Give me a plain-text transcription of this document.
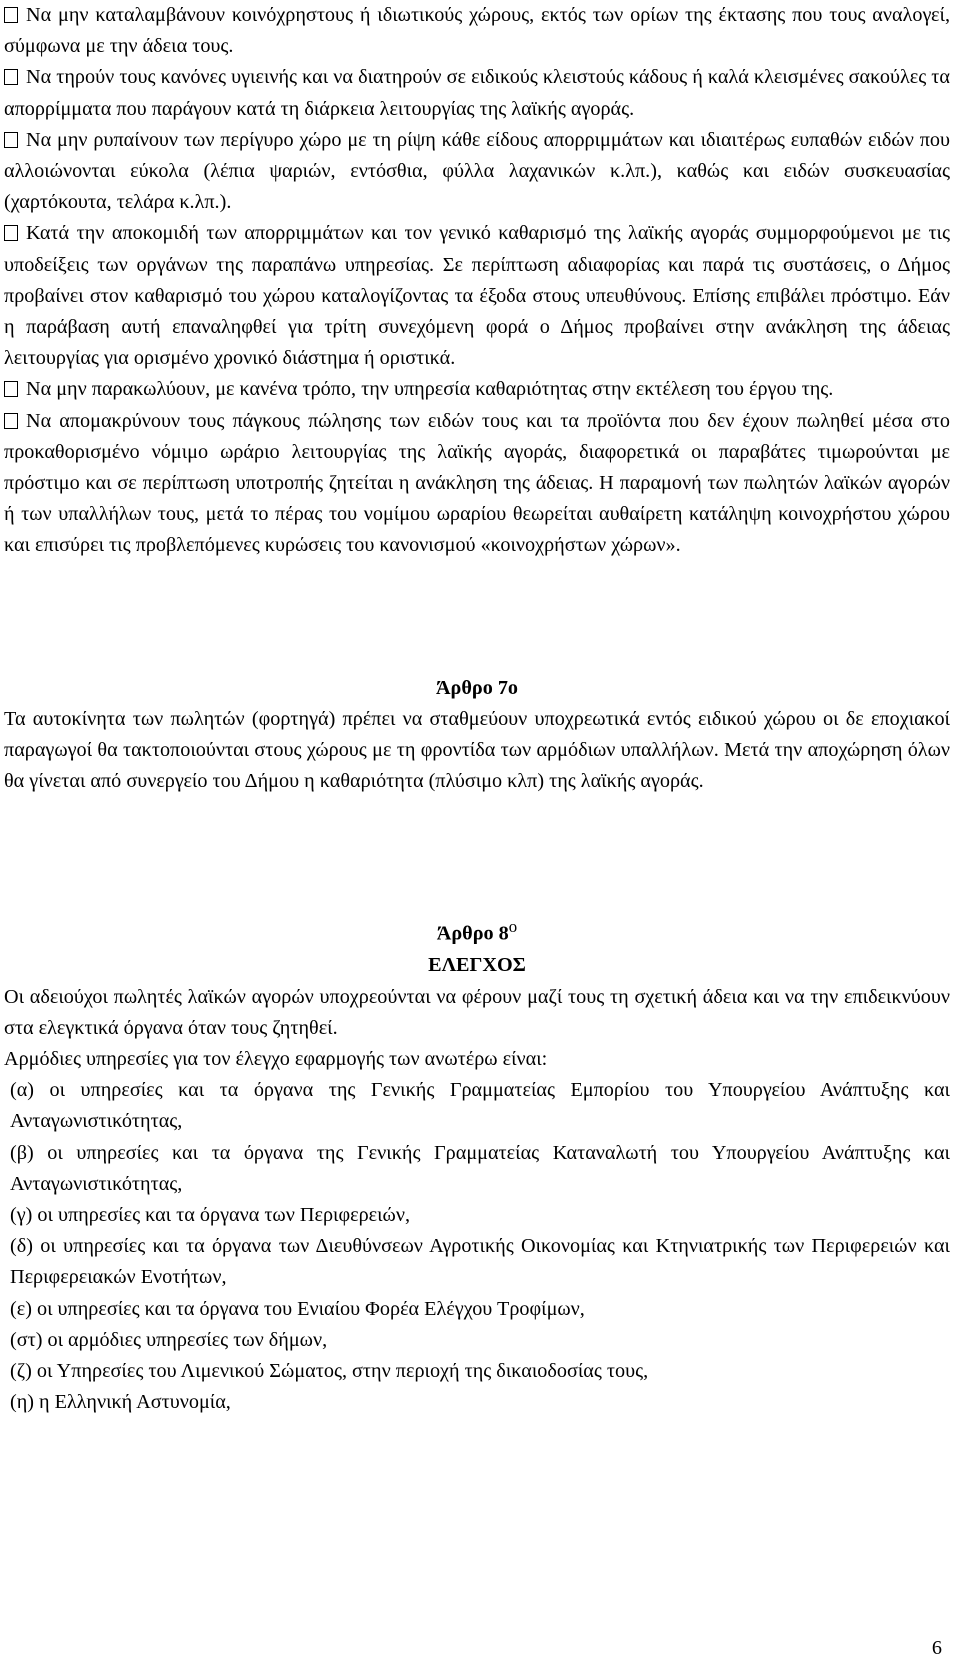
Να μην καταλαμβάνουν κοινόχρηστους ή ιδιωτικούς χώρους, εκτός των ορίων της έκτασης που τους αναλογεί, σύμφωνα με την άδεια τους.

Να τηρούν τους κανόνες υγιεινής και να διατηρούν σε ειδικούς κλειστούς κάδους ή καλά κλεισμένες σακούλες τα απορρίμματα που παράγουν κατά τη διάρκεια λειτουργίας της λαϊκής αγοράς.

Να μην ρυπαίνουν των περίγυρο χώρο με τη ρίψη κάθε είδους απορριμμάτων και ιδιαιτέρως ευπαθών ειδών που αλλοιώνονται εύκολα (λέπια ψαριών, εντόσθια, φύλλα λαχανικών κ.λπ.), καθώς και ειδών συσκευασίας (χαρτόκουτα, τελάρα κ.λπ.).

Κατά την αποκομιδή των απορριμμάτων και τον γενικό καθαρισμό της λαϊκής αγοράς συμμορφούμενοι με τις υποδείξεις των οργάνων της παραπάνω υπηρεσίας. Σε περίπτωση αδιαφορίας και παρά τις συστάσεις, ο Δήμος προβαίνει στον καθαρισμό του χώρου καταλογίζοντας τα έξοδα στους υπευθύνους. Επίσης επιβάλει πρόστιμο. Εάν η παράβαση αυτή επαναληφθεί για τρίτη συνεχόμενη φορά ο Δήμος προβαίνει στην ανάκληση της άδειας λειτουργίας για ορισμένο χρονικό διάστημα ή οριστικά.

Να μην παρακωλύουν, με κανένα τρόπο, την υπηρεσία καθαριότητας στην εκτέλεση του έργου της.

Να απομακρύνουν τους πάγκους πώλησης των ειδών τους και τα προϊόντα που δεν έχουν πωληθεί μέσα στο προκαθορισμένο νόμιμο ωράριο λειτουργίας της λαϊκής αγοράς, διαφορετικά οι παραβάτες τιμωρούνται με πρόστιμο και σε περίπτωση υποτροπής ζητείται η ανάκληση της άδειας. Η παραμονή των πωλητών λαϊκών αγορών ή των υπαλλήλων τους, μετά το πέρας του νομίμου ωραρίου θεωρείται αυθαίρετη κατάληψη κοινοχρήστου χώρου και επισύρει τις προβλεπόμενες κυρώσεις του κανονισμού «κοινοχρήστων χώρων».

Άρθρο 7ο

Τα αυτοκίνητα των πωλητών (φορτηγά) πρέπει να σταθμεύουν υποχρεωτικά εντός ειδικού χώρου οι δε εποχιακοί παραγωγοί θα τακτοποιούνται στους χώρους με τη φροντίδα των αρμόδιων υπαλλήλων. Μετά την αποχώρηση όλων θα γίνεται από συνεργείο του Δήμου η καθαριότητα (πλύσιμο κλπ) της λαϊκής αγοράς.

Άρθρο $8^o$

ΕΛΕΓΧΟΣ

Οι αδειούχοι πωλητές λαϊκών αγορών υποχρεούνται να φέρουν μαζί τους τη σχετική άδεια και να την επιδεικνύουν στα ελεγκτικά όργανα όταν τους ζητηθεί.

Αρμόδιες υπηρεσίες για τον έλεγχο εφαρμογής των ανωτέρω είναι:

(α) οι υπηρεσίες και τα όργανα της Γενικής Γραμματείας Εμπορίου του Υπουργείου Ανάπτυξης και Ανταγωνιστικότητας,

(β) οι υπηρεσίες και τα όργανα της Γενικής Γραμματείας Καταναλωτή του Υπουργείου Ανάπτυξης και Ανταγωνιστικότητας,

(γ) οι υπηρεσίες και τα όργανα των Περιφερειών,

(δ) οι υπηρεσίες και τα όργανα των Διευθύνσεων Αγροτικής Οικονομίας και Κτηνιατρικής των Περιφερειών και Περιφερειακών Ενοτήτων,

(ε) οι υπηρεσίες και τα όργανα του Ενιαίου Φορέα Ελέγχου Τροφίμων,

(στ) οι αρμόδιες υπηρεσίες των δήμων,

(ζ) οι Υπηρεσίες του Λιμενικού Σώματος, στην περιοχή της δικαιοδοσίας τους,

(η) η Ελληνική Αστυνομία,

6
